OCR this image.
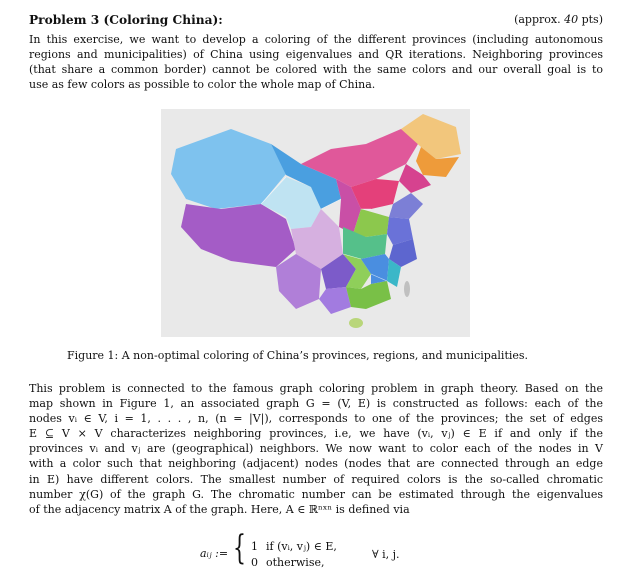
Problem 3 (Coloring China):	(approx. 40 pts)
In this exercise, we want to develop a coloring of the different provinces (including autonomous
regions and municipalities) of China using eigenvalues and QR iterations. Neighboring provinces
(that share a common border) cannot be colored with the same colors and our overall goal is to
use as few colors as possible to color the whole map of China.
Figure 1: A non-optimal coloring of China’s provinces, regions, and municipalities.
This problem is connected to the famous graph coloring problem in graph theory. Based on the
map shown in Figure 1, an associated graph G = (V, E) is constructed as follows: each of the
nodes vᵢ ∈ V, i = 1, . . . , n, (n = |V|), corresponds to one of the provinces; the set of edges
E ⊆ V × V characterizes neighboring provinces, i.e, we have (vᵢ, vⱼ) ∈ E if and only if the
provinces vᵢ and vⱼ are (geographical) neighbors. We now want to color each of the nodes in V
with a color such that neighboring (adjacent) nodes (nodes that are connected through an edge
in E) have different colors. The smallest number of required colors is the so-called chromatic
number χ(G) of the graph G. The chromatic number can be estimated through the eigenvalues
of the adjacency matrix A of the graph. Here, A ∈ ℝⁿˣⁿ is defined via
aᵢⱼ := { 1 if (vᵢ, vⱼ) ∈ E,
0 otherwise,
∀ i, j.
